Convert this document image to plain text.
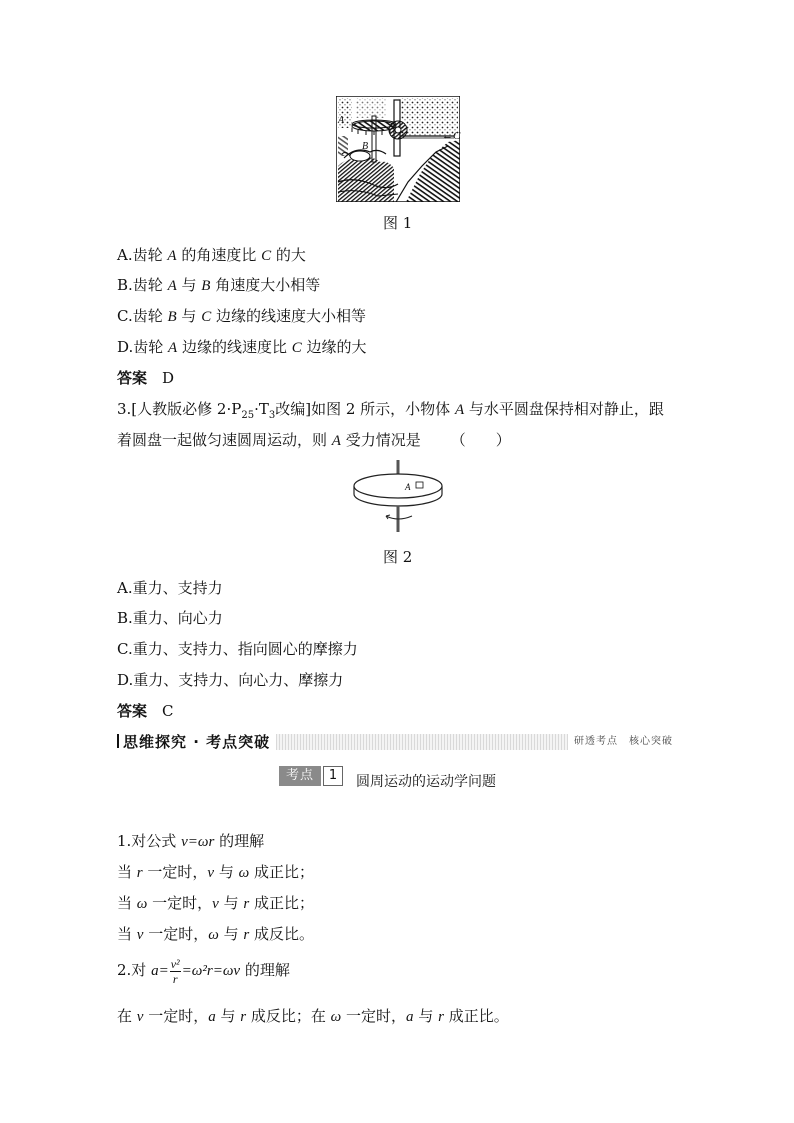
A
B
←C
图 1
A.齿轮 A 的角速度比 C 的大
B.齿轮 A 与 B 角速度大小相等
C.齿轮 B 与 C 边缘的线速度大小相等
D.齿轮 A 边缘的线速度比 C 边缘的大
答案　 D
3.[人教版必修 $2\cdot P_{25}\cdot T_3$改编]如图 2 所示，小物体 A 与水平圆盘保持相对静止，跟
着圆盘一起做匀速圆周运动，则 A 受力情况是 （　　）
A
图 2
A.重力、支持力
B.重力、向心力
C.重力、支持力、指向圆心的摩擦力
D.重力、支持力、向心力、摩擦力
答案　 C
思维探究 · 考点突破	研透考点　核心突破
考点	1	圆周运动的运动学问题
1.对公式 v=ωr 的理解
当 r 一定时，v 与 ω 成正比；
当 ω 一定时，v 与 r 成正比；
当 v 一定时，ω 与 r 成反比。
2.对 $a= \frac{\text{v²}}{r} =\omega^2r=\omega v$ 的理解
在 v 一定时，a 与 r 成反比；在 ω 一定时，a 与 r 成正比。
